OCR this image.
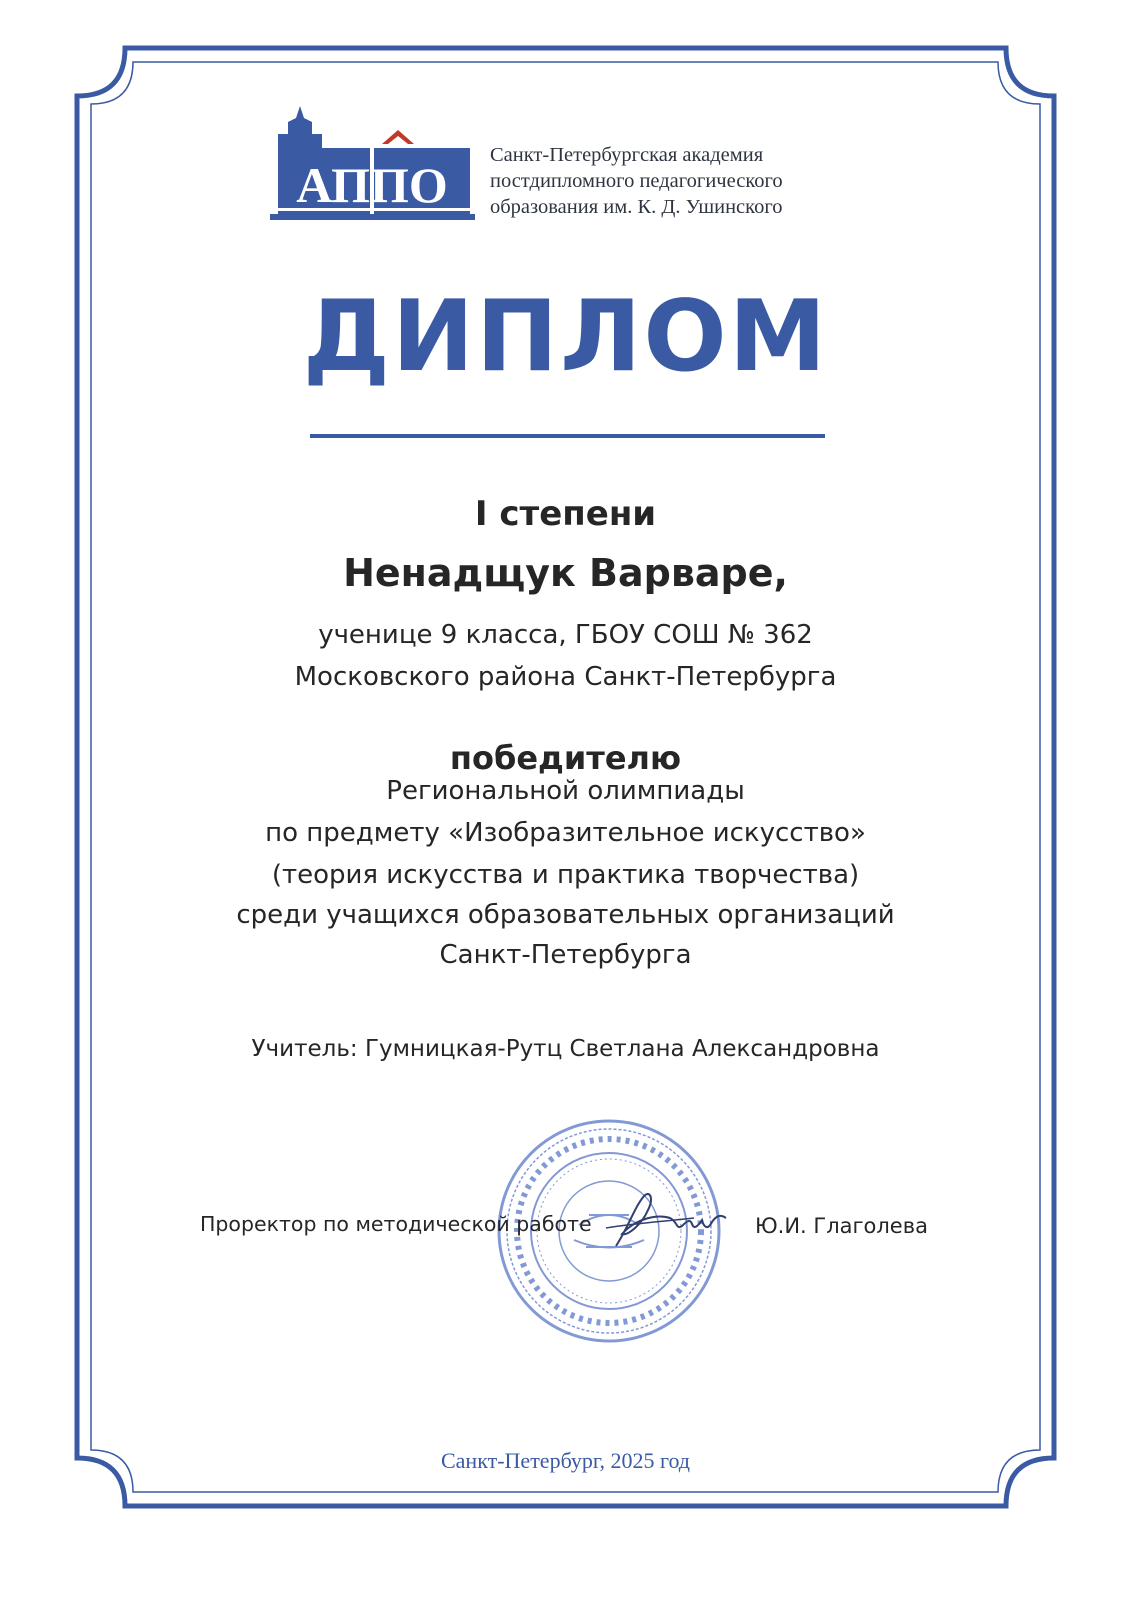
АППО
Санкт-Петербургская академия
постдипломного педагогического
образования им. К. Д. Ушинского
ДИПЛОМ
I степени
Ненадщук Варваре,
ученице 9 класса, ГБОУ СОШ № 362
Московского района Санкт-Петербурга
победителю
Региональной олимпиады
по предмету «Изобразительное искусство»
(теория искусства и практика творчества)
среди учащихся образовательных организаций
Санкт-Петербурга
Учитель: Гумницкая-Рутц Светлана Александровна
Проректор по методической работе	Ю.И. Глаголева
Санкт-Петербург, 2025 год
